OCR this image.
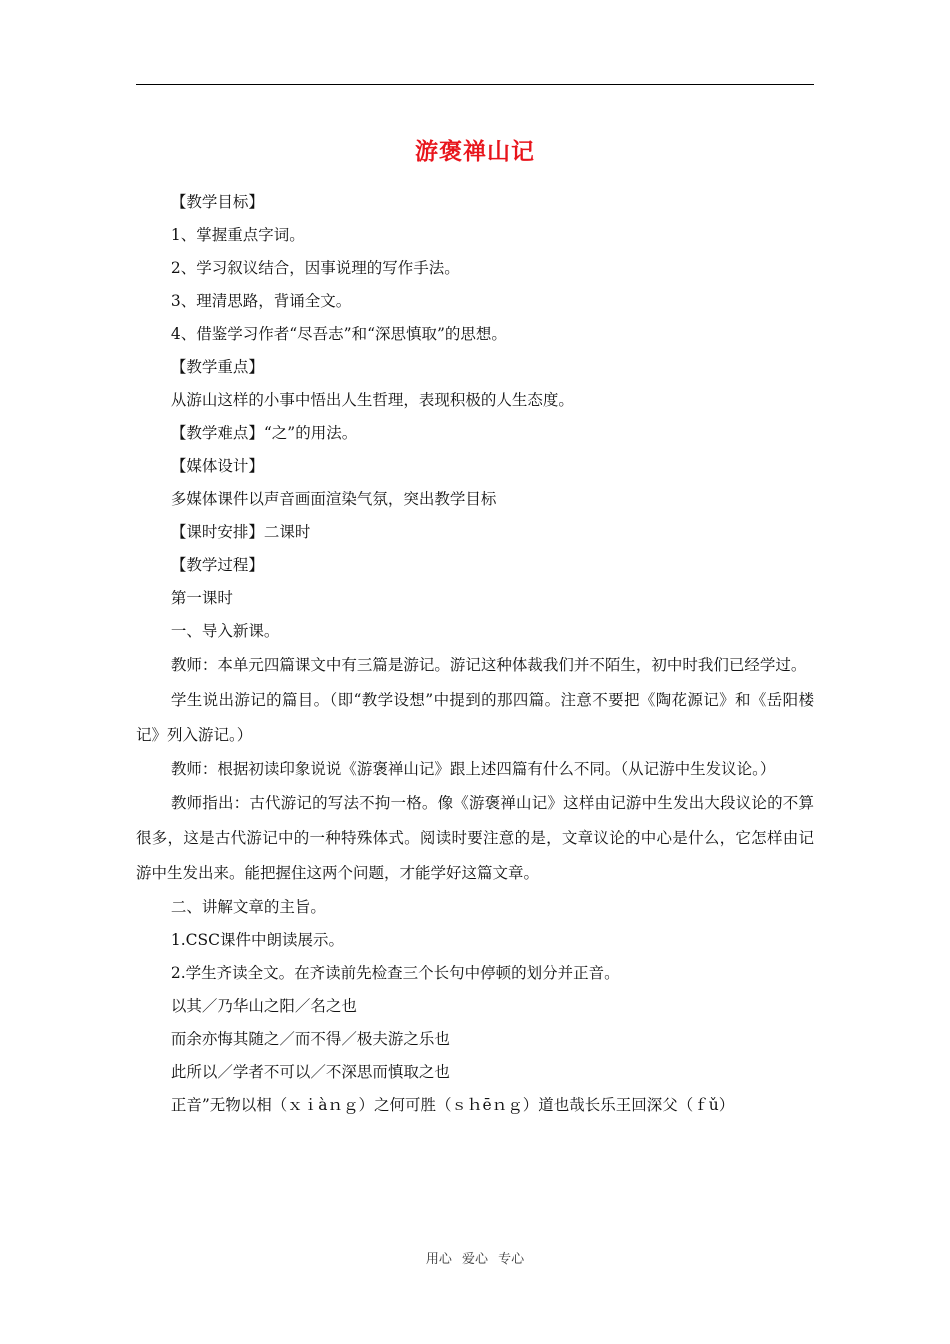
游褒禅山记

【教学目标】

1、掌握重点字词。

2、学习叙议结合，因事说理的写作手法。

3、理清思路，背诵全文。

4、借鉴学习作者“尽吾志”和“深思慎取”的思想。

【教学重点】

从游山这样的小事中悟出人生哲理，表现积极的人生态度。

【教学难点】“之”的用法。

【媒体设计】

多媒体课件以声音画面渲染气氛，突出教学目标

【课时安排】二课时

【教学过程】

第一课时

一、导入新课。

教师：本单元四篇课文中有三篇是游记。游记这种体裁我们并不陌生，初中时我们已经学过。

学生说出游记的篇目。（即“教学设想”中提到的那四篇。注意不要把《陶花源记》和《岳阳楼记》列入游记。）

教师：根据初读印象说说《游褒禅山记》跟上述四篇有什么不同。（从记游中生发议论。）

教师指出：古代游记的写法不拘一格。像《游褒禅山记》这样由记游中生发出大段议论的不算很多，这是古代游记中的一种特殊体式。阅读时要注意的是，文章议论的中心是什么，它怎样由记游中生发出来。能把握住这两个问题，才能学好这篇文章。

二、讲解文章的主旨。

1.CSC课件中朗读展示。

2.学生齐读全文。在齐读前先检查三个长句中停顿的划分并正音。

以其／乃华山之阳／名之也

而余亦悔其随之／而不得／极夫游之乐也

此所以／学者不可以／不深思而慎取之也

正音”无物以相（ｘｉàｎｇ）之何可胜（ｓｈēｎｇ）道也哉长乐王回深父（ｆǔ）

用心 爱心 专心
